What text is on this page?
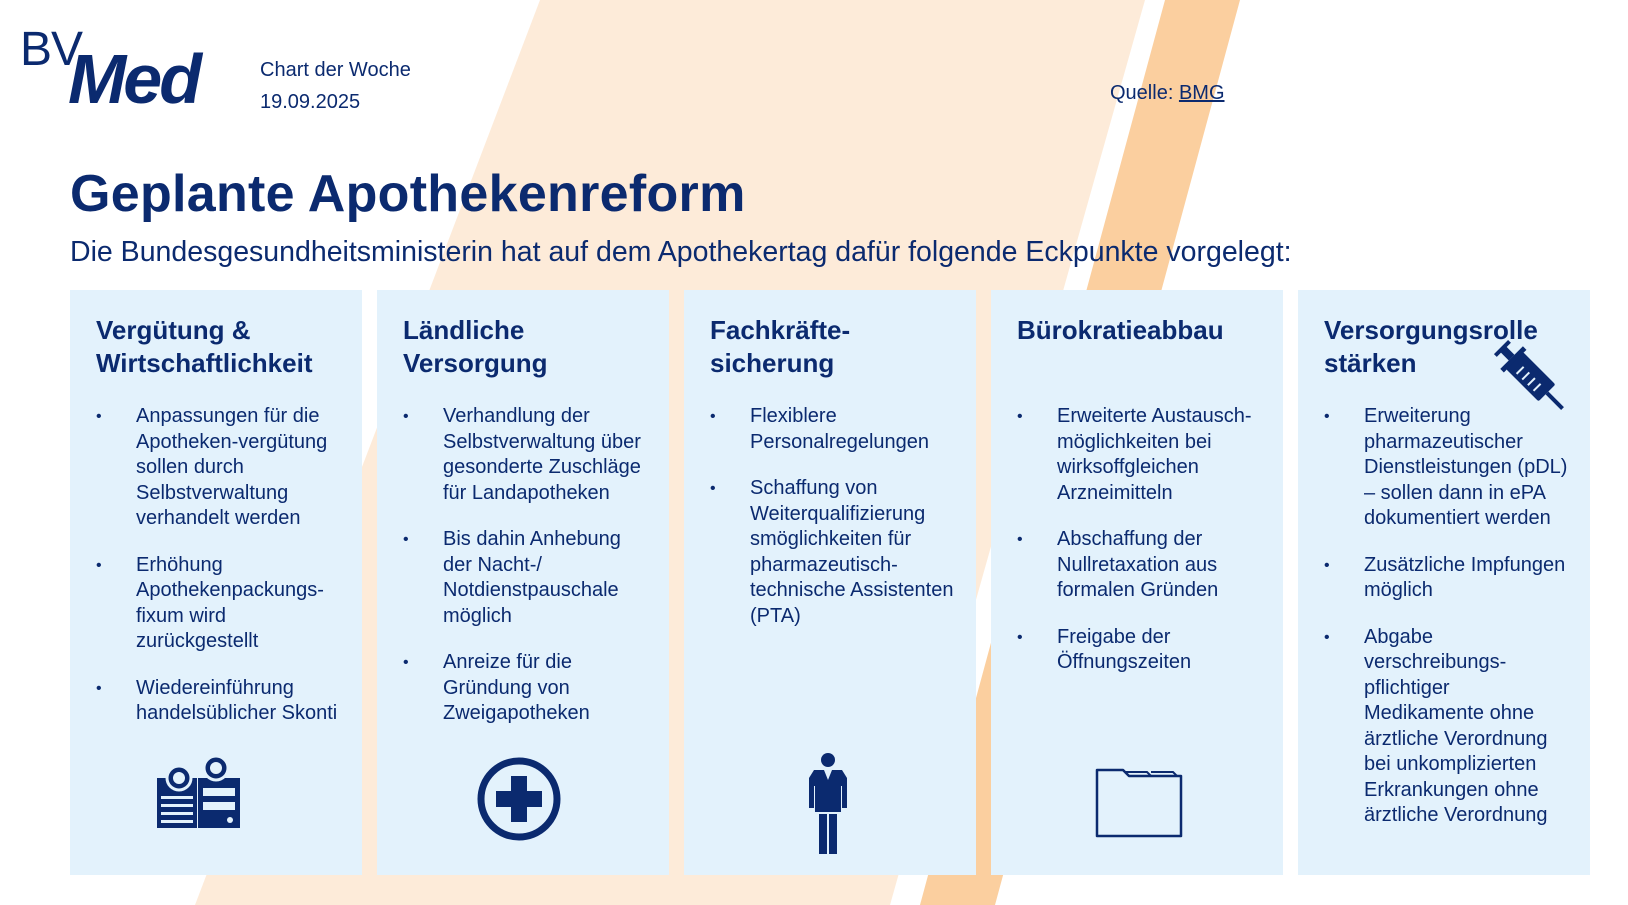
BV
Med	Chart der Woche
19.09.2025	Quelle: BMG
Geplante Apothekenreform
Die Bundesgesundheitsministerin hat auf dem Apothekertag dafür folgende Eckpunkte vorgelegt:
Vergütung &
Wirtschaftlichkeit
• Anpassungen für die Apotheken-vergütung sollen durch Selbstverwaltung verhandelt werden
• Erhöhung Apothekenpackungs-fixum wird zurückgestellt
• Wiedereinführung handelsüblicher Skonti
Ländliche
Versorgung
• Verhandlung der Selbstverwaltung über gesonderte Zuschläge für Landapotheken
• Bis dahin Anhebung der Nacht-/ Notdienstpauschale möglich
• Anreize für die Gründung von Zweigapotheken
Fachkräfte-
sicherung
• Flexiblere Personalregelungen
• Schaffung von Weiterqualifizierung smöglichkeiten für pharmazeutisch-technische Assistenten (PTA)
Bürokratieabbau

• Erweiterte Austausch-möglichkeiten bei wirksoffgleichen Arzneimitteln
• Abschaffung der Nullretaxation aus formalen Gründen
• Freigabe der Öffnungszeiten
Versorgungsrolle
stärken
• Erweiterung pharmazeutischer Dienstleistungen (pDL) – sollen dann in ePA dokumentiert werden
• Zusätzliche Impfungen möglich
• Abgabe verschreibungs-pflichtiger Medikamente ohne ärztliche Verordnung bei unkomplizierten Erkrankungen ohne ärztliche Verordnung
